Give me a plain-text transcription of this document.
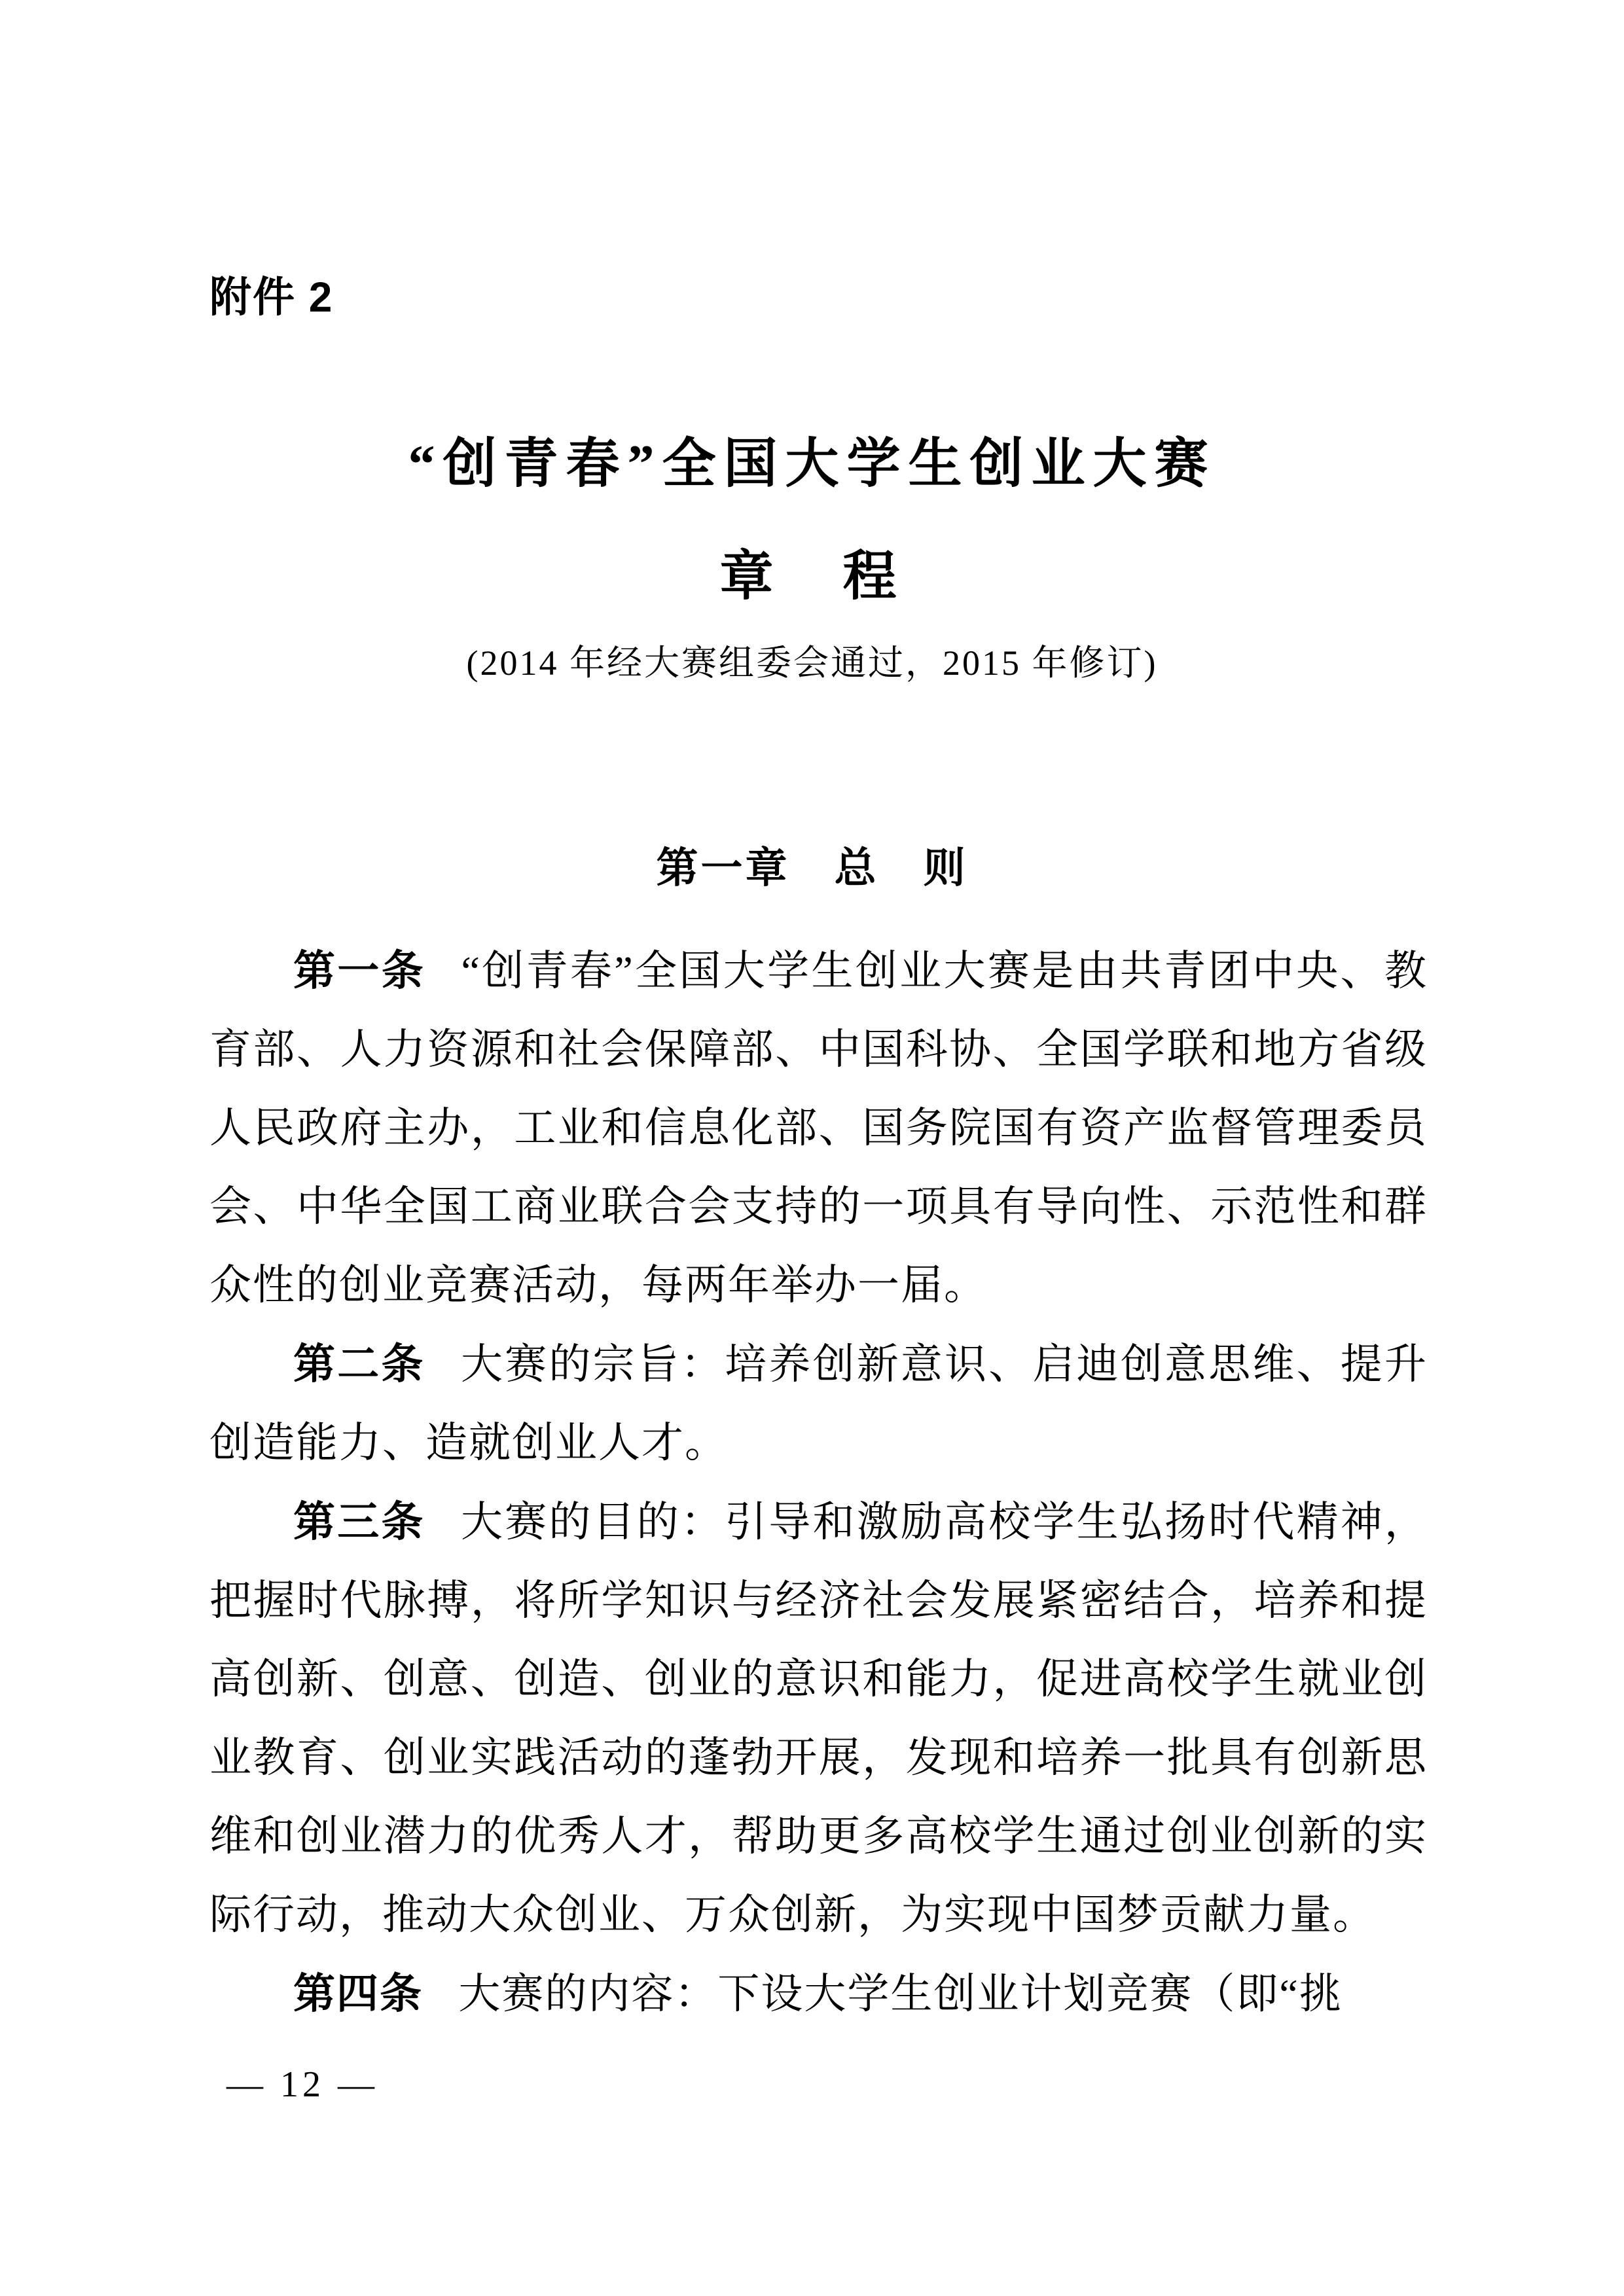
附件 2
“创青春”全国大学生创业大赛
章　程
(2014 年经大赛组委会通过，2015 年修订)
第一章　总　则

第一条 “创青春”全国大学生创业大赛是由共青团中央、教育部、人力资源和社会保障部、中国科协、全国学联和地方省级人民政府主办，工业和信息化部、国务院国有资产监督管理委员会、中华全国工商业联合会支持的一项具有导向性、示范性和群众性的创业竞赛活动，每两年举办一届。

第二条 大赛的宗旨：培养创新意识、启迪创意思维、提升创造能力、造就创业人才。

第三条 大赛的目的：引导和激励高校学生弘扬时代精神，把握时代脉搏，将所学知识与经济社会发展紧密结合，培养和提高创新、创意、创造、创业的意识和能力，促进高校学生就业创业教育、创业实践活动的蓬勃开展，发现和培养一批具有创新思维和创业潜力的优秀人才，帮助更多高校学生通过创业创新的实际行动，推动大众创业、万众创新，为实现中国梦贡献力量。

第四条 大赛的内容：下设大学生创业计划竞赛（即“挑

— 12 —
